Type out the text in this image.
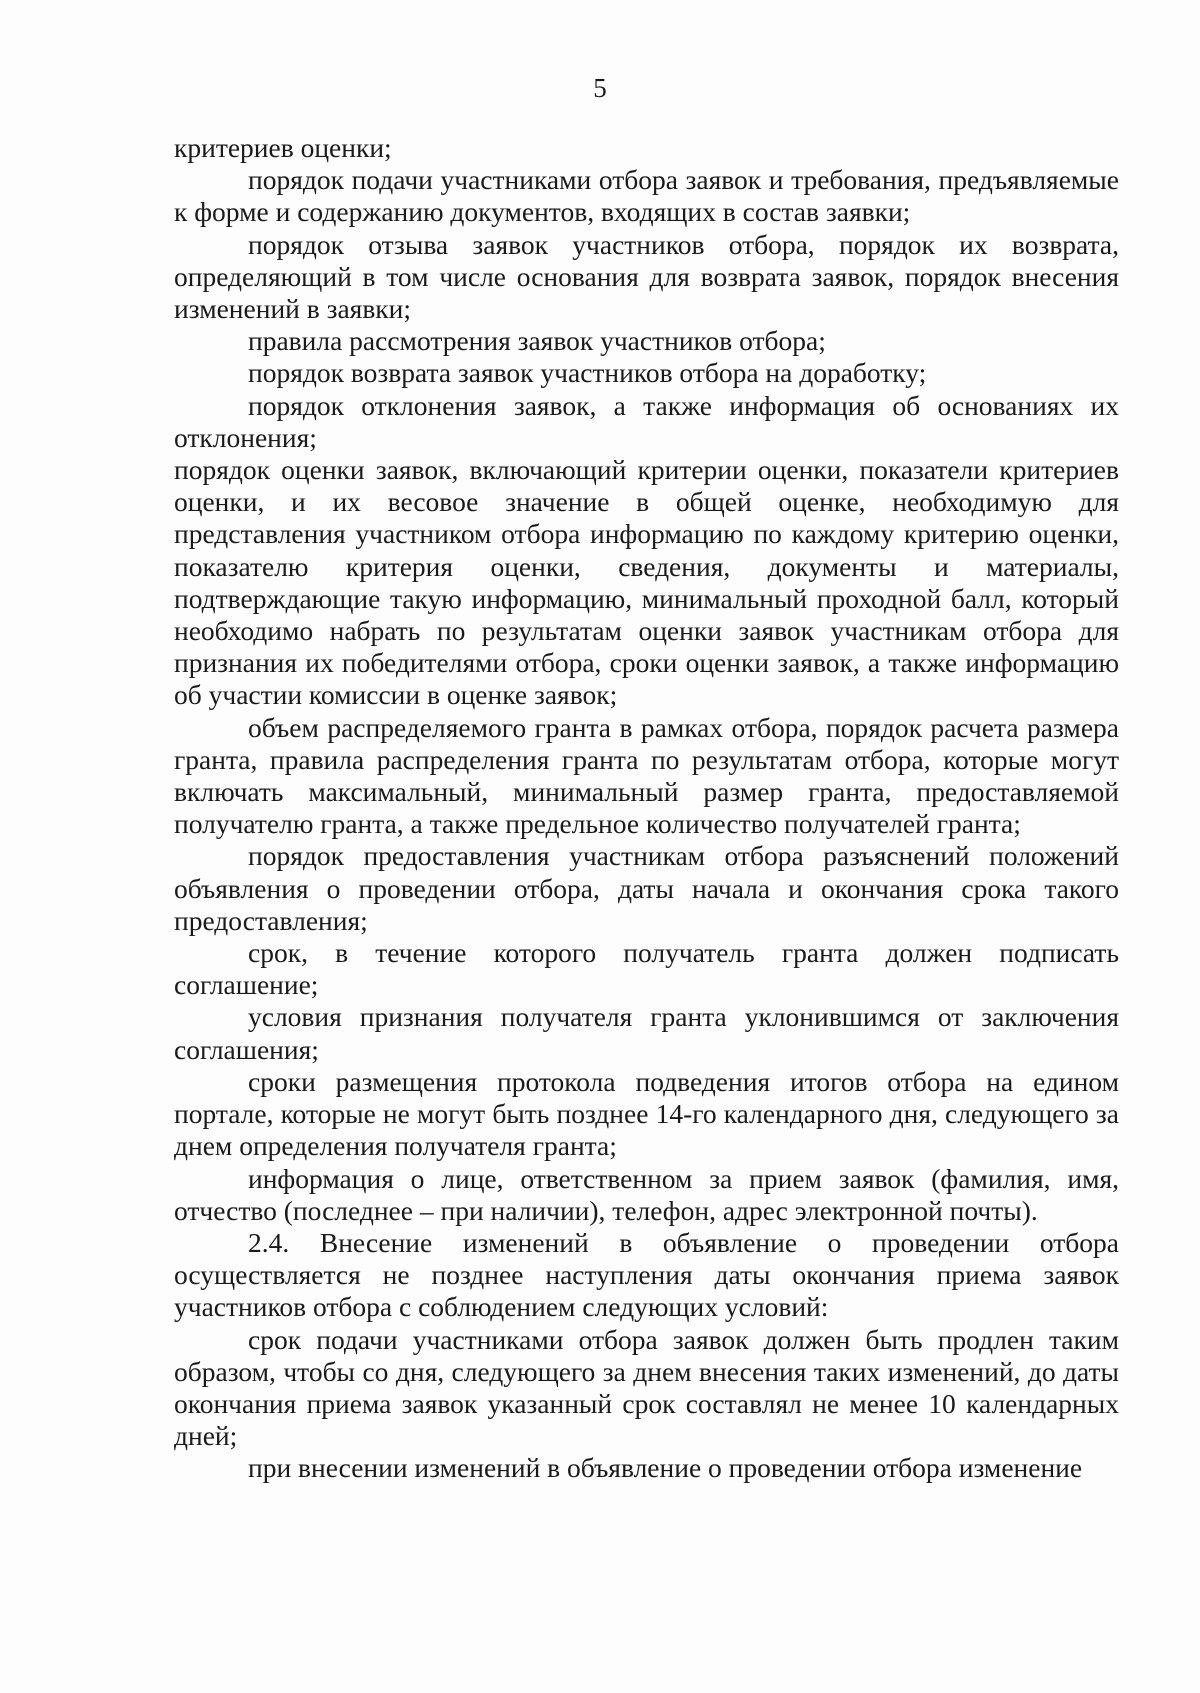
5

критериев оценки;

порядок подачи участниками отбора заявок и требования, предъявляемые к форме и содержанию документов, входящих в состав заявки;

порядок отзыва заявок участников отбора, порядок их возврата, определяющий в том числе основания для возврата заявок, порядок внесения изменений в заявки;

правила рассмотрения заявок участников отбора;

порядок возврата заявок участников отбора на доработку;

порядок отклонения заявок, а также информация об основаниях их отклонения;

порядок оценки заявок, включающий критерии оценки, показатели критериев оценки, и их весовое значение в общей оценке, необходимую для представления участником отбора информацию по каждому критерию оценки, показателю критерия оценки, сведения, документы и материалы, подтверждающие такую информацию, минимальный проходной балл, который необходимо набрать по результатам оценки заявок участникам отбора для признания их победителями отбора, сроки оценки заявок, а также информацию об участии комиссии в оценке заявок;

объем распределяемого гранта в рамках отбора, порядок расчета размера гранта, правила распределения гранта по результатам отбора, которые могут включать максимальный, минимальный размер гранта, предоставляемой получателю гранта, а также предельное количество получателей гранта;

порядок предоставления участникам отбора разъяснений положений объявления о проведении отбора, даты начала и окончания срока такого предоставления;

срок, в течение которого получатель гранта должен подписать соглашение;

условия признания получателя гранта уклонившимся от заключения соглашения;

сроки размещения протокола подведения итогов отбора на едином портале, которые не могут быть позднее 14-го календарного дня, следующего за днем определения получателя гранта;

информация о лице, ответственном за прием заявок (фамилия, имя, отчество (последнее – при наличии), телефон, адрес электронной почты).

2.4. Внесение изменений в объявление о проведении отбора осуществляется не позднее наступления даты окончания приема заявок участников отбора с соблюдением следующих условий:

срок подачи участниками отбора заявок должен быть продлен таким образом, чтобы со дня, следующего за днем внесения таких изменений, до даты окончания приема заявок указанный срок составлял не менее 10 календарных дней;

при внесении изменений в объявление о проведении отбора изменение
